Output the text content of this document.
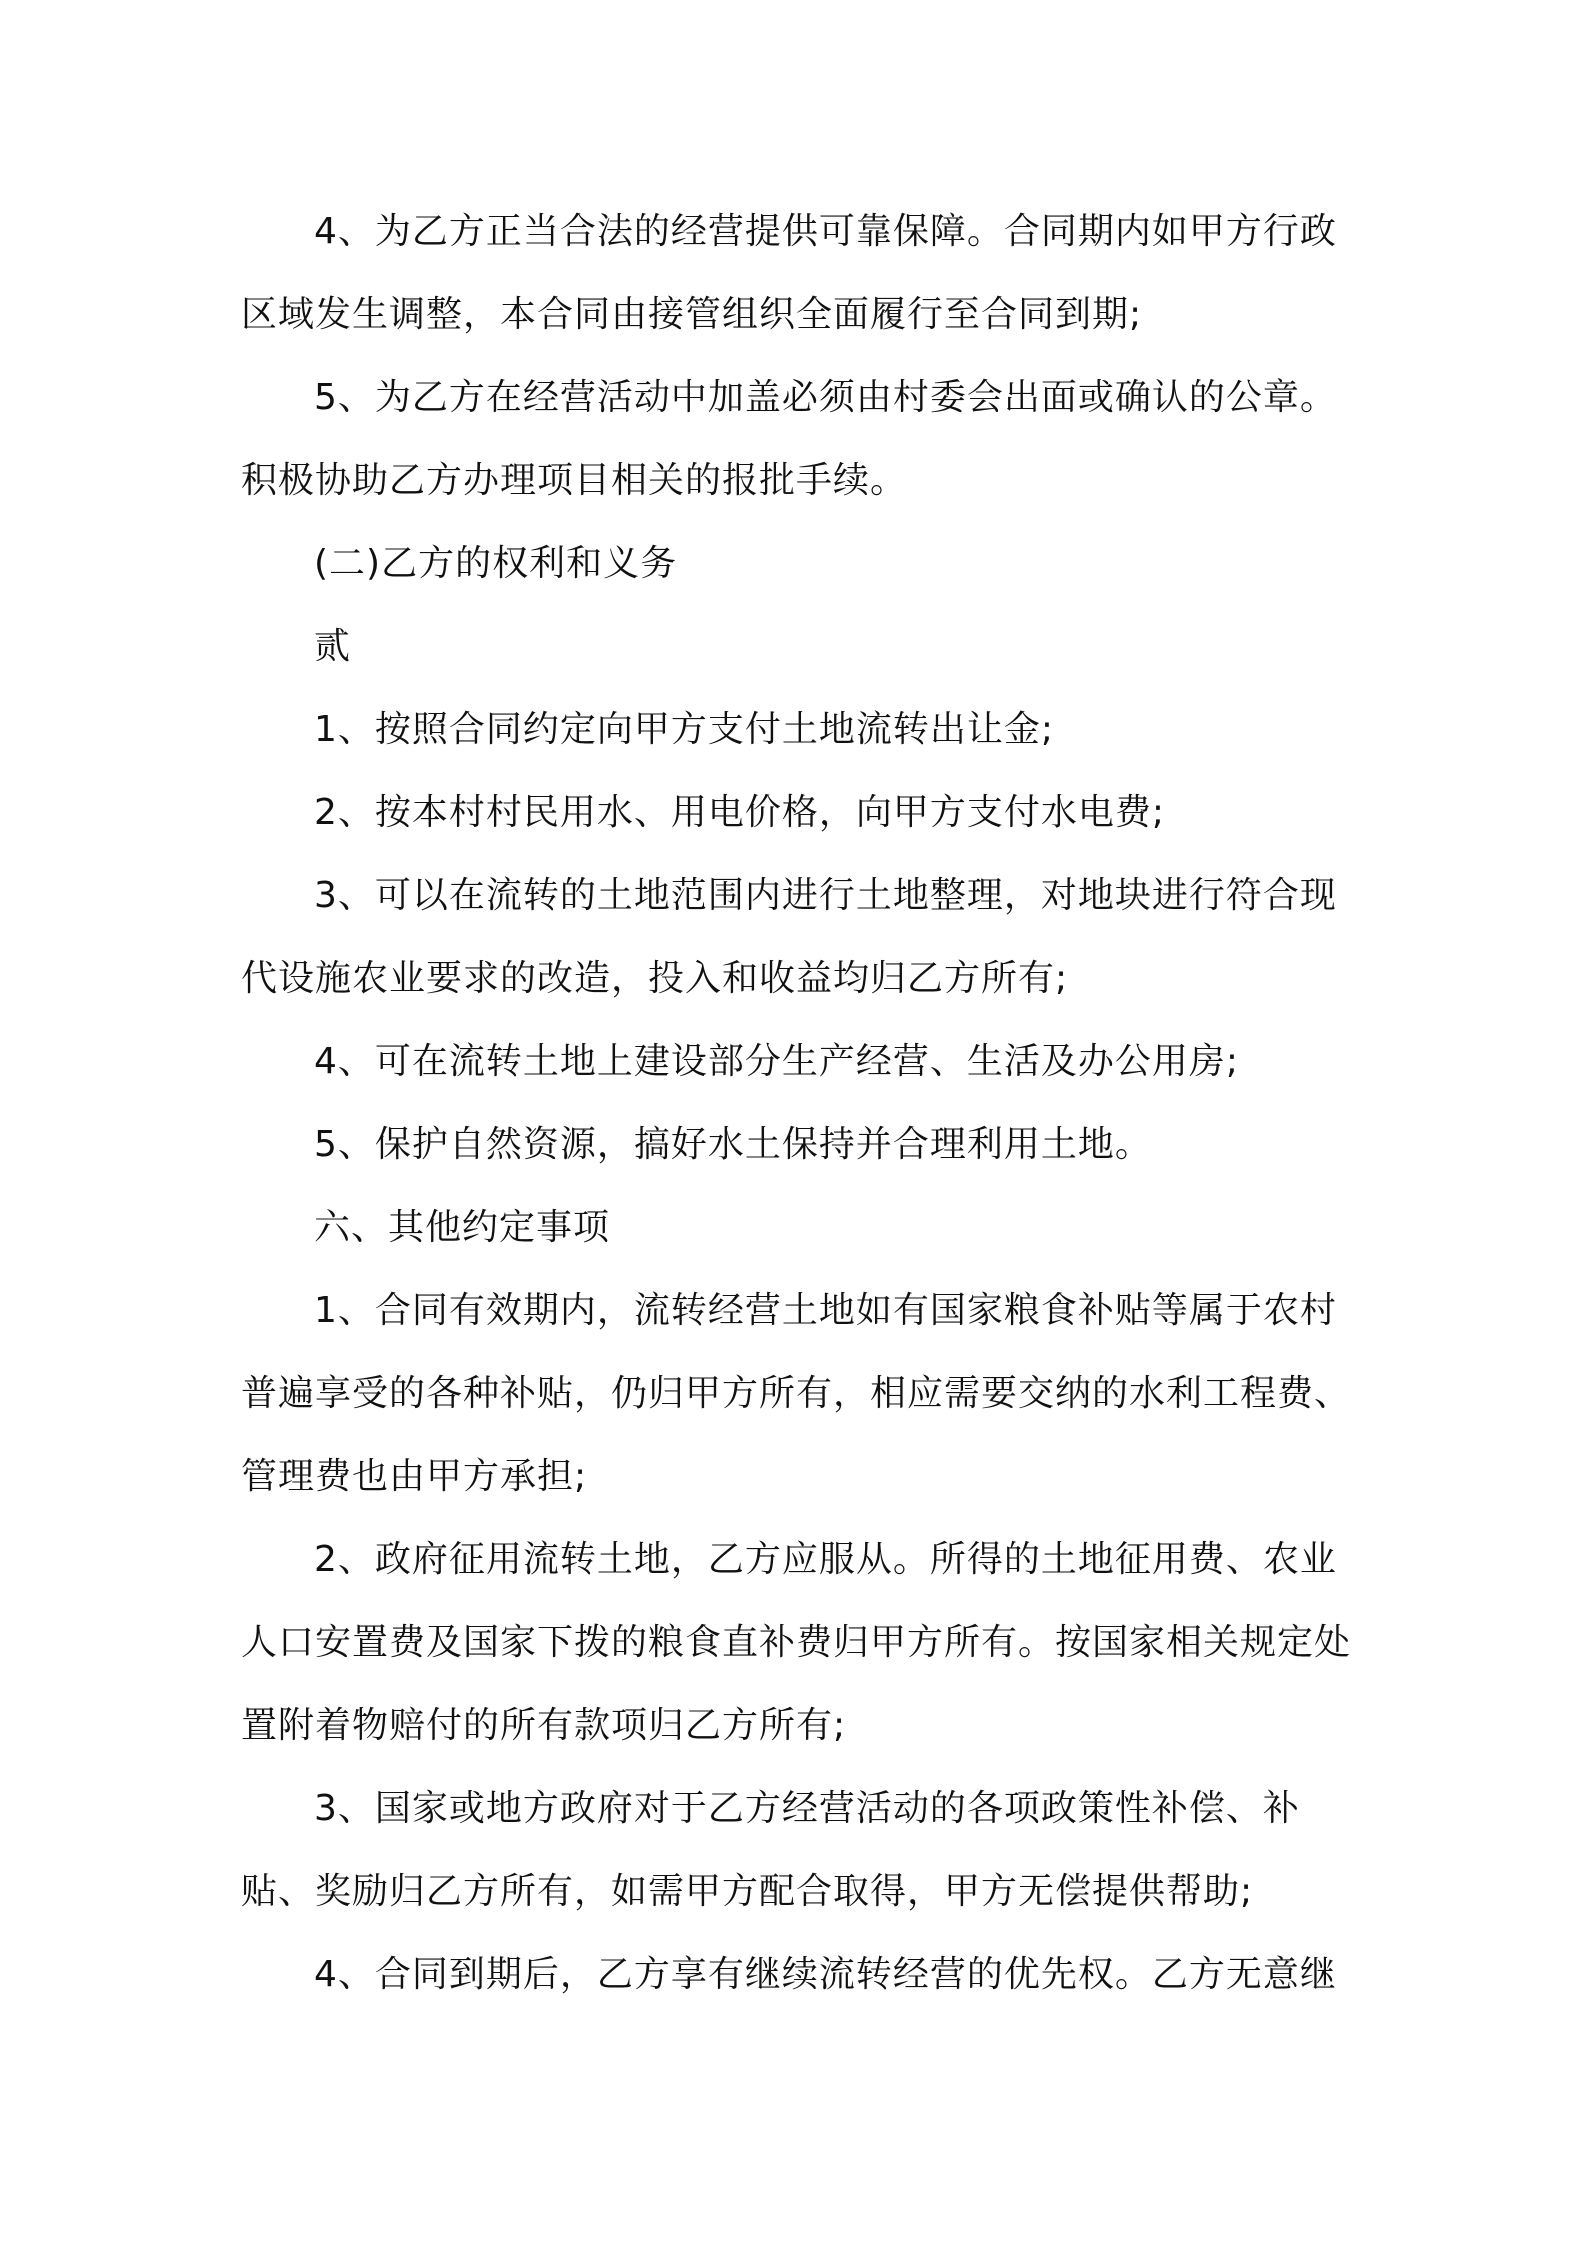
4、为乙方正当合法的经营提供可靠保障。合同期内如甲方行政区域发生调整，本合同由接管组织全面履行至合同到期;

5、为乙方在经营活动中加盖必须由村委会出面或确认的公章。积极协助乙方办理项目相关的报批手续。

(二)乙方的权利和义务

贰

1、按照合同约定向甲方支付土地流转出让金;

2、按本村村民用水、用电价格，向甲方支付水电费;

3、可以在流转的土地范围内进行土地整理，对地块进行符合现代设施农业要求的改造，投入和收益均归乙方所有;

4、可在流转土地上建设部分生产经营、生活及办公用房;

5、保护自然资源，搞好水土保持并合理利用土地。

六、其他约定事项

1、合同有效期内，流转经营土地如有国家粮食补贴等属于农村普遍享受的各种补贴，仍归甲方所有，相应需要交纳的水利工程费、管理费也由甲方承担;

2、政府征用流转土地，乙方应服从。所得的土地征用费、农业人口安置费及国家下拨的粮食直补费归甲方所有。按国家相关规定处置附着物赔付的所有款项归乙方所有;

3、国家或地方政府对于乙方经营活动的各项政策性补偿、补贴、奖励归乙方所有，如需甲方配合取得，甲方无偿提供帮助;

4、合同到期后，乙方享有继续流转经营的优先权。乙方无意继
